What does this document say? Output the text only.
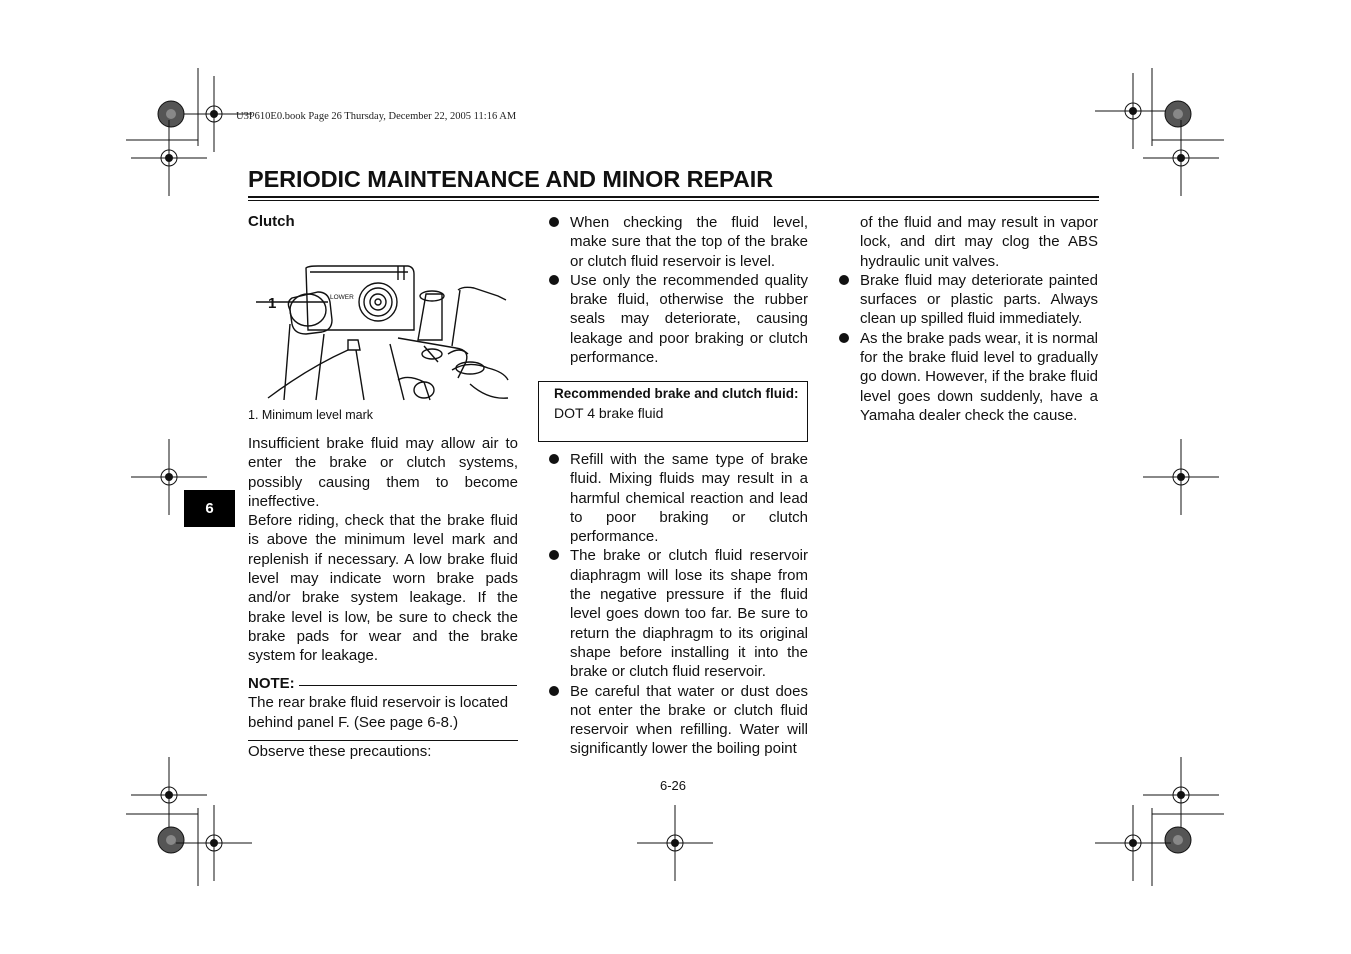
U3P610E0.book Page 26 Thursday, December 22, 2005 11:16 AM
PERIODIC MAINTENANCE AND MINOR REPAIR
6
Clutch
LOWER
1
1. Minimum level mark

Insufficient brake fluid may allow air to enter the brake or clutch systems, possibly causing them to become ineffective.

Before riding, check that the brake fluid is above the minimum level mark and replenish if necessary. A low brake fluid level may indicate worn brake pads and/or brake system leakage. If the brake level is low, be sure to check the brake pads for wear and the brake system for leakage.

NOTE:

The rear brake fluid reservoir is located behind panel F. (See page 6-8.)

Observe these precautions:
When checking the fluid level, make sure that the top of the brake or clutch fluid reservoir is level.
Use only the recommended quality brake fluid, otherwise the rubber seals may deteriorate, causing leakage and poor braking or clutch performance.
Recommended brake and clutch fluid:
DOT 4 brake fluid
Refill with the same type of brake fluid. Mixing fluids may result in a harmful chemical reaction and lead to poor braking or clutch performance.
The brake or clutch fluid reservoir diaphragm will lose its shape from the negative pressure if the fluid level goes down too far. Be sure to return the diaphragm to its original shape before installing it into the brake or clutch fluid reservoir.
Be careful that water or dust does not enter the brake or clutch fluid reservoir when refilling. Water will significantly lower the boiling point

of the fluid and may result in vapor lock, and dirt may clog the ABS hydraulic unit valves.

Brake fluid may deteriorate painted surfaces or plastic parts. Always clean up spilled fluid immediately.
As the brake pads wear, it is normal for the brake fluid level to gradually go down. However, if the brake fluid level goes down suddenly, have a Yamaha dealer check the cause.
6-26
